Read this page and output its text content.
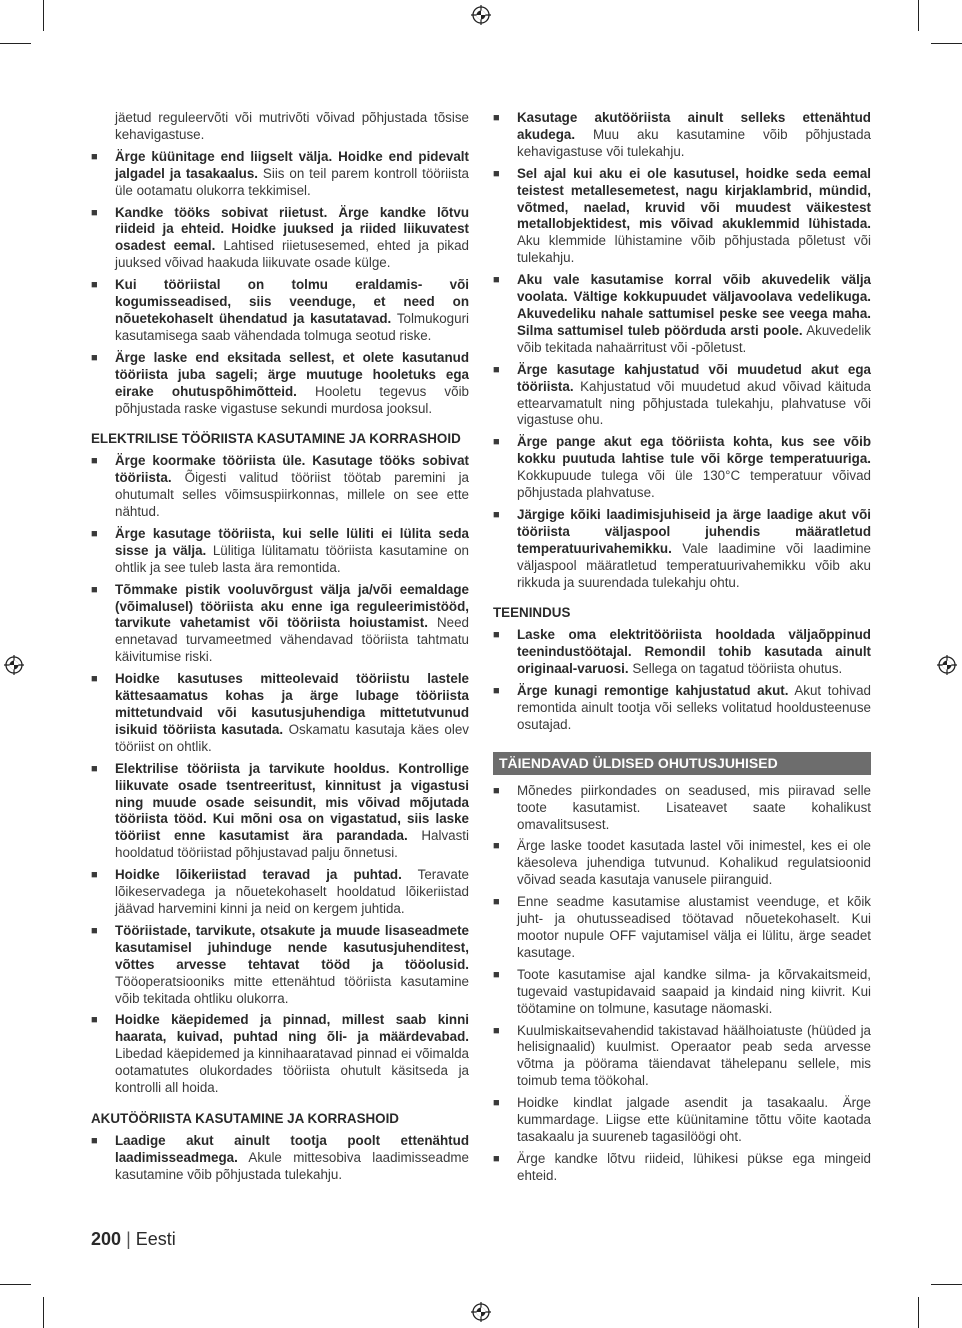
jäetud reguleervõti või mutrivõti võivad põhjustada tõsise kehavigastuse.

■ Ärge küünitage end liigselt välja. Hoidke end pidevalt jalgadel ja tasakaalus. Siis on teil parem kontroll tööriista üle ootamatu olukorra tekkimisel.
■ Kandke tööks sobivat riietust. Ärge kandke lõtvu riideid ja ehteid. Hoidke juuksed ja riided liikuvatest osadest eemal. Lahtised riietusesemed, ehted ja pikad juuksed võivad haakuda liikuvate osade külge.
■ Kui tööriistal on tolmu eraldamis- või kogumisseadised, siis veenduge, et need on nõuetekohaselt ühendatud ja kasutatavad. Tolmukoguri kasutamisega saab vähendada tolmuga seotud riske.
■ Ärge laske end eksitada sellest, et olete kasutanud tööriista juba sageli; ärge muutuge hooletuks ega eirake ohutuspõhimõtteid. Hooletu tegevus võib põhjustada raske vigastuse sekundi murdosa jooksul.
ELEKTRILISE TÖÖRIISTA KASUTAMINE JA KORRASHOID
■ Ärge koormake tööriista üle. Kasutage tööks sobivat tööriista. Õigesti valitud tööriist töötab paremini ja ohutumalt selles võimsuspiirkonnas, millele on see ette nähtud.
■ Ärge kasutage tööriista, kui selle lüliti ei lülita seda sisse ja välja. Lülitiga lülitamatu tööriista kasutamine on ohtlik ja see tuleb lasta ära remontida.
■ Tõmmake pistik vooluvõrgust välja ja/või eemaldage (võimalusel) tööriista aku enne iga reguleerimistööd, tarvikute vahetamist või tööriista hoiustamist. Need ennetavad turvameetmed vähendavad tööriista tahtmatu käivitumise riski.
■ Hoidke kasutuses mitteolevaid tööriistu lastele kättesaamatus kohas ja ärge lubage tööriista mittetundvaid või kasutusjuhendiga mittetutvunud isikuid tööriista kasutada. Oskamatu kasutaja käes olev tööriist on ohtlik.
■ Elektrilise tööriista ja tarvikute hooldus. Kontrollige liikuvate osade tsentreeritust, kinnitust ja vigastusi ning muude osade seisundit, mis võivad mõjutada tööriista tööd. Kui mõni osa on vigastatud, siis laske tööriist enne kasutamist ära parandada. Halvasti hooldatud tööriistad põhjustavad palju õnnetusi.
■ Hoidke lõikeriistad teravad ja puhtad. Teravate lõikeservadega ja nõuetekohaselt hooldatud lõikeriistad jäävad harvemini kinni ja neid on kergem juhtida.
■ Tööriistade, tarvikute, otsakute ja muude lisaseadmete kasutamisel juhinduge nende kasutusjuhenditest, võttes arvesse tehtavat tööd ja tööolusid. Tööoperatsiooniks mitte ettenähtud tööriista kasutamine võib tekitada ohtliku olukorra.
■ Hoidke käepidemed ja pinnad, millest saab kinni haarata, kuivad, puhtad ning õli- ja määrdevabad. Libedad käepidemed ja kinnihaaratavad pinnad ei võimalda ootamatutes olukordades tööriista ohutult käsitseda ja kontrolli all hoida.
AKUTÖÖRIISTA KASUTAMINE JA KORRASHOID
■ Laadige akut ainult tootja poolt ettenähtud laadimisseadmega. Akule mittesobiva laadimisseadme kasutamine võib põhjustada tulekahju.
■ Kasutage akutööriista ainult selleks ettenähtud akudega. Muu aku kasutamine võib põhjustada kehavigastuse või tulekahju.
■ Sel ajal kui aku ei ole kasutusel, hoidke seda eemal teistest metallesemetest, nagu kirjaklambrid, mündid, võtmed, naelad, kruvid või muudest väikestest metallobjektidest, mis võivad akuklemmid lühistada. Aku klemmide lühistamine võib põhjustada põletust või tulekahju.
■ Aku vale kasutamise korral võib akuvedelik välja voolata. Vältige kokkupuudet väljavoolava vedelikuga. Akuvedeliku nahale sattumisel peske see veega maha. Silma sattumisel tuleb pöörduda arsti poole. Akuvedelik võib tekitada nahaärritust või -põletust.
■ Ärge kasutage kahjustatud või muudetud akut ega tööriista. Kahjustatud või muudetud akud võivad käituda ettearvamatult ning põhjustada tulekahju, plahvatuse või vigastuse ohu.
■ Ärge pange akut ega tööriista kohta, kus see võib kokku puutuda lahtise tule või kõrge temperatuuriga. Kokkupuude tulega või üle 130°C temperatuur võivad põhjustada plahvatuse.
■ Järgige kõiki laadimisjuhiseid ja ärge laadige akut või tööriista väljaspool juhendis määratletud temperatuurivahemikku. Vale laadimine või laadimine väljaspool määratletud temperatuurivahemikku võib aku rikkuda ja suurendada tulekahju ohtu.
TEENINDUS
■ Laske oma elektritööriista hooldada väljaõppinud teenindustöötajal. Remondil tohib kasutada ainult originaal-varuosi. Sellega on tagatud tööriista ohutus.
■ Ärge kunagi remontige kahjustatud akut. Akut tohivad remontida ainult tootja või selleks volitatud hooldusteenuse osutajad.
TÄIENDAVAD ÜLDISED OHUTUSJUHISED
■ Mõnedes piirkondades on seadused, mis piiravad selle toote kasutamist. Lisateavet saate kohalikust omavalitsusest.
■ Ärge laske toodet kasutada lastel või inimestel, kes ei ole käesoleva juhendiga tutvunud. Kohalikud regulatsioonid võivad seada kasutaja vanusele piiranguid.
■ Enne seadme kasutamise alustamist veenduge, et kõik juht- ja ohutusseadised töötavad nõuetekohaselt. Kui mootor nupule OFF vajutamisel välja ei lülitu, ärge seadet kasutage.
■ Toote kasutamise ajal kandke silma- ja kõrvakaitsmeid, tugevaid vastupidavaid saapaid ja kindaid ning kiivrit. Kui töötamine on tolmune, kasutage näomaski.
■ Kuulmiskaitsevahendid takistavad häälhoiatuste (hüüded ja helisignaalid) kuulmist. Operaator peab seda arvesse võtma ja pöörama täiendavat tähelepanu sellele, mis toimub tema töökohal.
■ Hoidke kindlat jalgade asendit ja tasakaalu. Ärge kummardage. Liigse ette küünitamine tõttu võite kaotada tasakaalu ja suureneb tagasilöögi oht.
■ Ärge kandke lõtvu riideid, lühikesi pükse ega mingeid ehteid.
200 | Eesti
